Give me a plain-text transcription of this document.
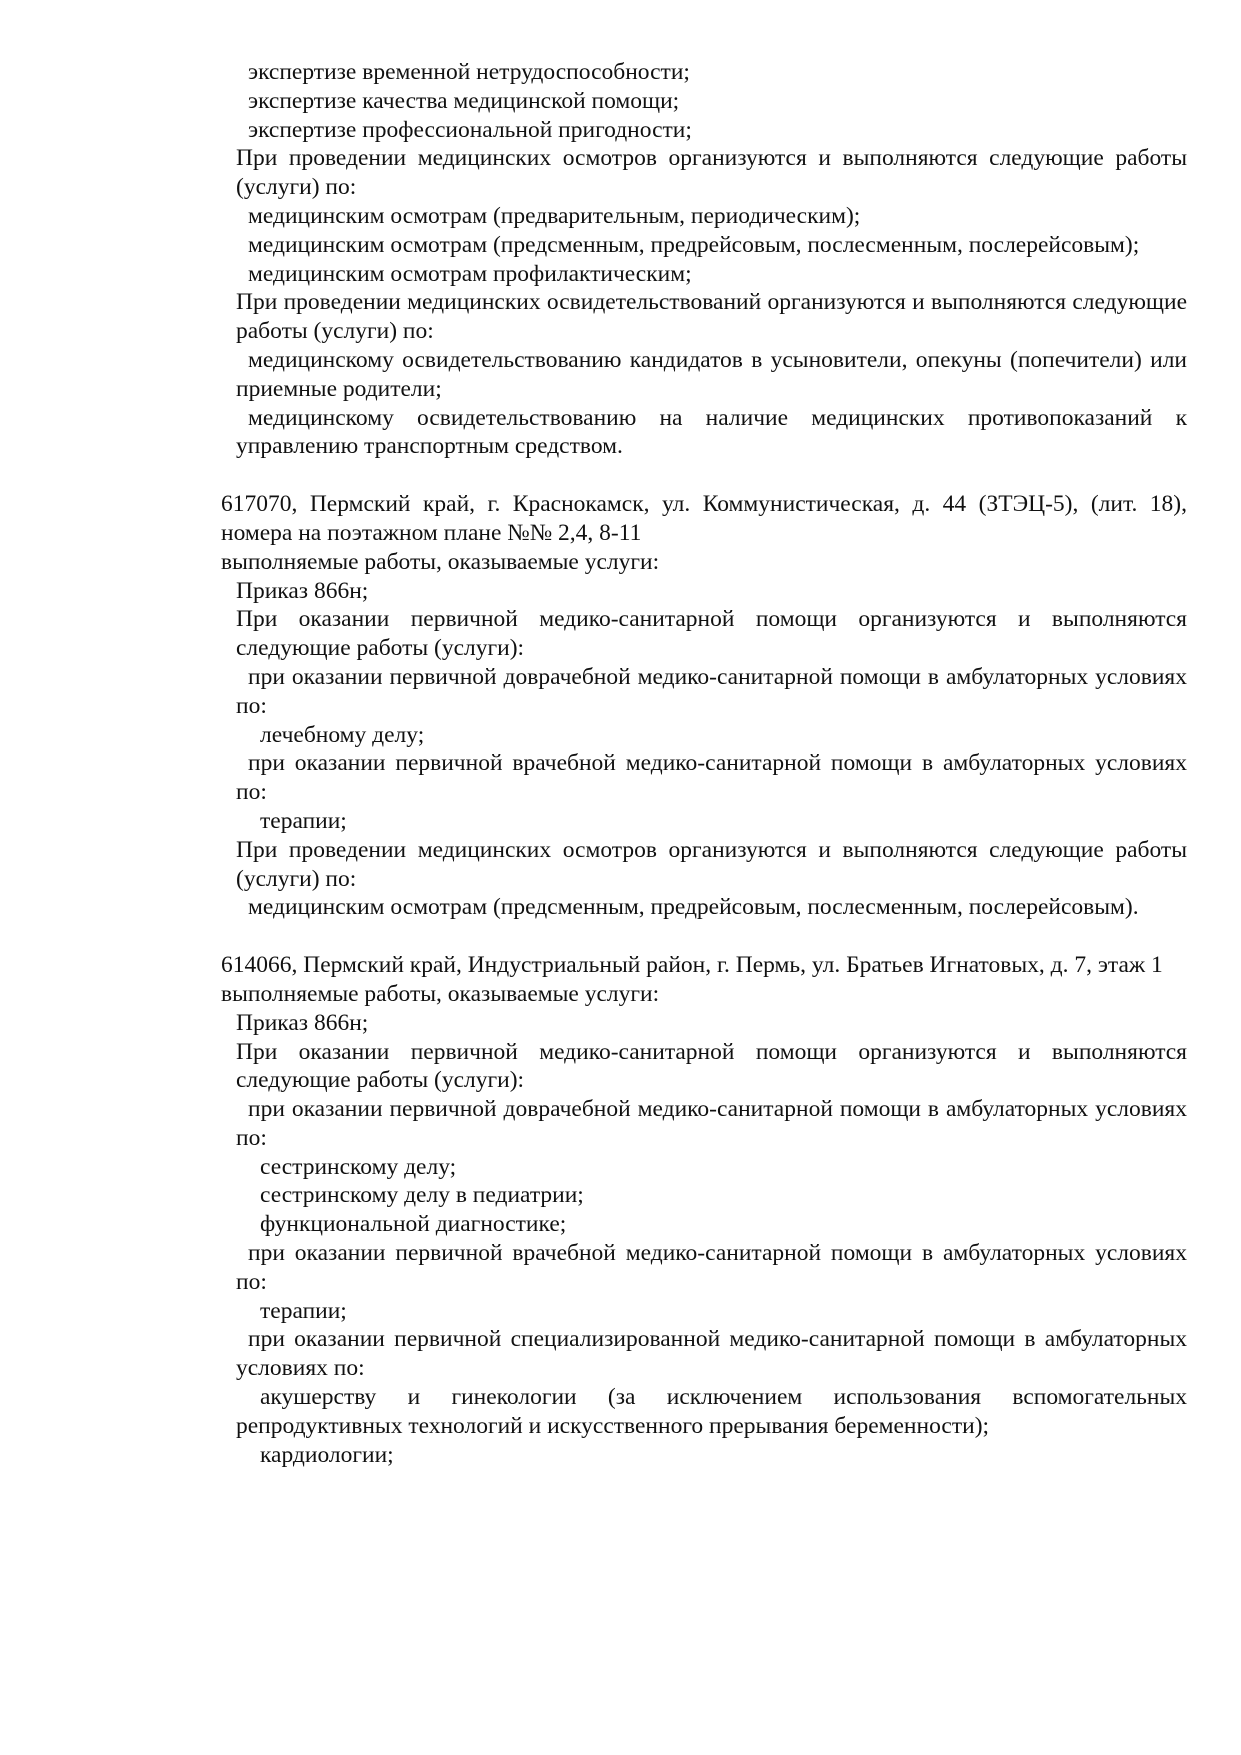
экспертизе временной нетрудоспособности;

экспертизе качества медицинской помощи;

экспертизе профессиональной пригодности;

При проведении медицинских осмотров организуются и выполняются следующие работы (услуги) по:

медицинским осмотрам (предварительным, периодическим);

медицинским осмотрам (предсменным, предрейсовым, послесменным, послерейсовым);

медицинским осмотрам профилактическим;

При проведении медицинских освидетельствований организуются и выполняются следующие работы (услуги) по:

медицинскому освидетельствованию кандидатов в усыновители, опекуны (попечители) или приемные родители;

медицинскому освидетельствованию на наличие медицинских противопоказаний к управлению транспортным средством.

617070, Пермский край, г. Краснокамск, ул. Коммунистическая, д. 44 (ЗТЭЦ-5), (лит. 18), номера на поэтажном плане №№ 2,4, 8-11

выполняемые работы, оказываемые услуги:

Приказ 866н;

При оказании первичной медико-санитарной помощи организуются и выполняются следующие работы (услуги):

при оказании первичной доврачебной медико-санитарной помощи в амбулаторных условиях по:

лечебному делу;

при оказании первичной врачебной медико-санитарной помощи в амбулаторных условиях по:

терапии;

При проведении медицинских осмотров организуются и выполняются следующие работы (услуги) по:

медицинским осмотрам (предсменным, предрейсовым, послесменным, послерейсовым).

614066, Пермский край, Индустриальный район, г. Пермь, ул. Братьев Игнатовых, д. 7, этаж 1

выполняемые работы, оказываемые услуги:

Приказ 866н;

При оказании первичной медико-санитарной помощи организуются и выполняются следующие работы (услуги):

при оказании первичной доврачебной медико-санитарной помощи в амбулаторных условиях по:

сестринскому делу;

сестринскому делу в педиатрии;

функциональной диагностике;

при оказании первичной врачебной медико-санитарной помощи в амбулаторных условиях по:

терапии;

при оказании первичной специализированной медико-санитарной помощи в амбулаторных условиях по:

акушерству и гинекологии (за исключением использования вспомогательных репродуктивных технологий и искусственного прерывания беременности);

кардиологии;
